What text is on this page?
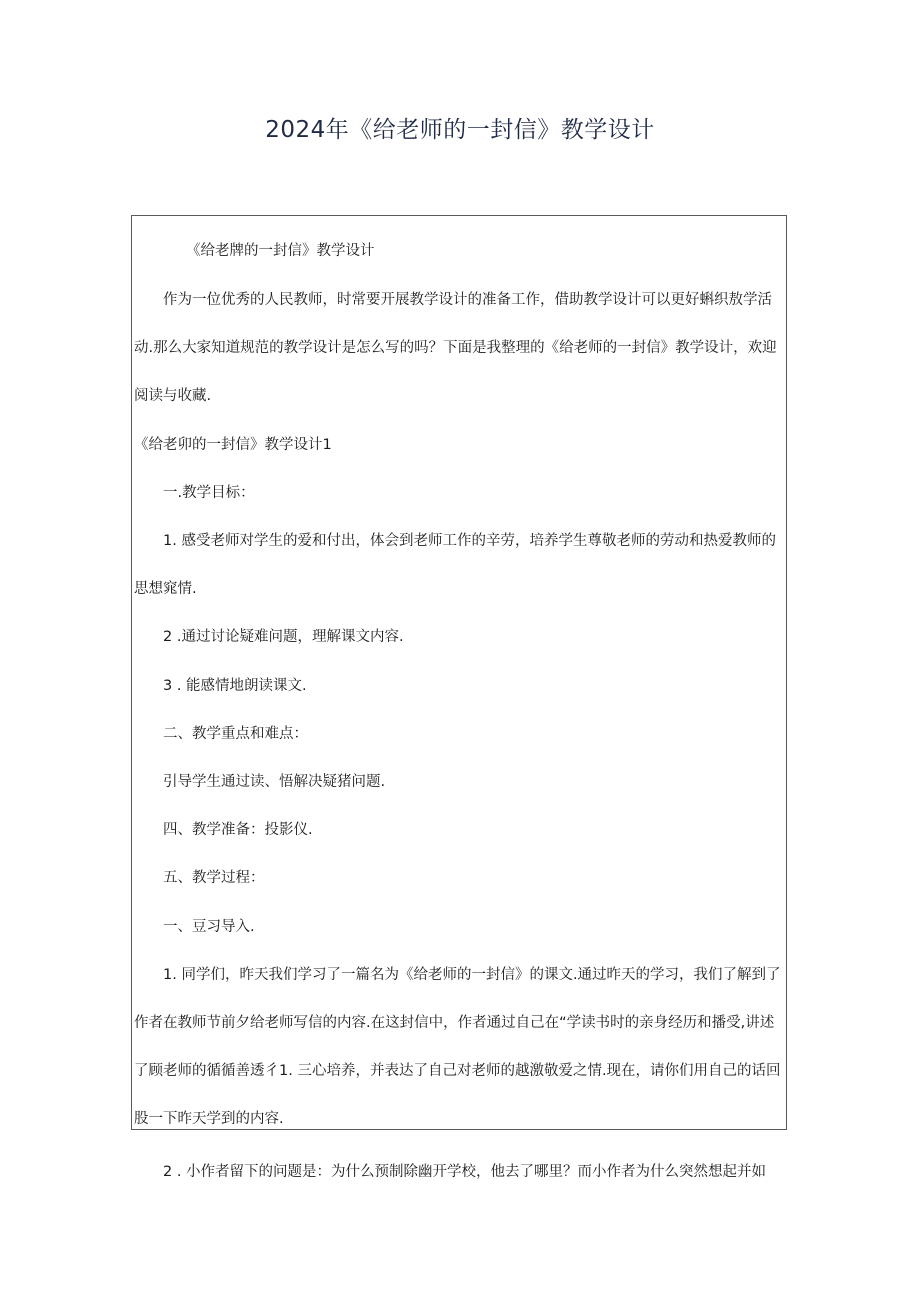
2024年《给老师的一封信》教学设计
《给老牌的一封信》教学设计
作为一位优秀的人民教师，时常要开展教学设计的准备工作，借助教学设计可以更好蝌织敖学活
动.那么大家知道规范的教学设计是怎么写的吗？下面是我整理的《给老师的一封信》教学设计，欢迎
阅读与收藏.
《给老卯的一封信》教学设计1
一.教学目标：
1. 感受老师对学生的爱和付出，体会到老师工作的辛劳，培养学生尊敬老师的劳动和热爱教师的
思想窕情.
2 .通过讨论疑难问题，理解课文内容.
3 . 能感情地朗读课文.
二、教学重点和难点：
引导学生通过读、悟解决疑猪问题.
四、教学准备：投影仪.
五、教学过程：
一、豆习导入.
1. 同学们，昨天我们学习了一篇名为《给老师的一封信》的课文.通过昨天的学习，我们了解到了
作者在教师节前夕给老师写信的内容.在这封信中，作者通过自己在“学读书时的亲身经历和播受,讲述
了顾老师的循循善透彳1. 三心培养，并表达了自己对老师的越激敬爱之情.现在，请你们用自己的话回
股一下昨天学到的内容.
2 . 小作者留下的问题是：为什么预制除幽开学校，他去了哪里？而小作者为什么突然想起并如
